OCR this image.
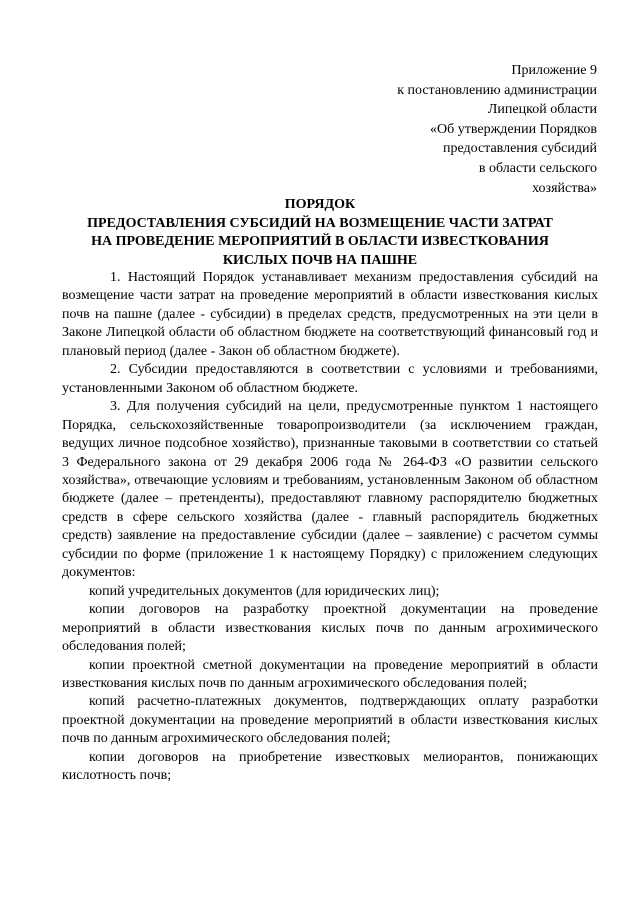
Приложение 9
к постановлению администрации
Липецкой области
«Об утверждении Порядков
предоставления субсидий
в области сельского
хозяйства»
ПОРЯДОК
ПРЕДОСТАВЛЕНИЯ СУБСИДИЙ НА ВОЗМЕЩЕНИЕ ЧАСТИ ЗАТРАТ
НА ПРОВЕДЕНИЕ МЕРОПРИЯТИЙ В ОБЛАСТИ ИЗВЕСТКОВАНИЯ
КИСЛЫХ ПОЧВ НА ПАШНЕ

1. Настоящий Порядок устанавливает механизм предоставления субсидий на возмещение части затрат на проведение мероприятий в области известкования кислых почв на пашне (далее - субсидии) в пределах средств, предусмотренных на эти цели в Законе Липецкой области об областном бюджете на соответствующий финансовый год и плановый период (далее - Закон об областном бюджете).

2. Субсидии предоставляются в соответствии с условиями и требованиями, установленными Законом об областном бюджете.

3. Для получения субсидий на цели, предусмотренные пунктом 1 настоящего Порядка, сельскохозяйственные товаропроизводители (за исключением граждан, ведущих личное подсобное хозяйство), признанные таковыми в соответствии со статьей 3 Федерального закона от 29 декабря 2006 года № 264-ФЗ «О развитии сельского хозяйства», отвечающие условиям и требованиям, установленным Законом об областном бюджете (далее – претенденты), предоставляют главному распорядителю бюджетных средств в сфере сельского хозяйства (далее - главный распорядитель бюджетных средств) заявление на предоставление субсидии (далее – заявление) с расчетом суммы субсидии по форме (приложение 1 к настоящему Порядку) с приложением следующих документов:

копий учредительных документов (для юридических лиц);

копии договоров на разработку проектной документации на проведение мероприятий в области известкования кислых почв по данным агрохимического обследования полей;

копии проектной сметной документации на проведение мероприятий в области известкования кислых почв по данным агрохимического обследования полей;

копий расчетно-платежных документов, подтверждающих оплату разработки проектной документации на проведение мероприятий в области известкования кислых почв по данным агрохимического обследования полей;

копии договоров на приобретение известковых мелиорантов, понижающих кислотность почв;
